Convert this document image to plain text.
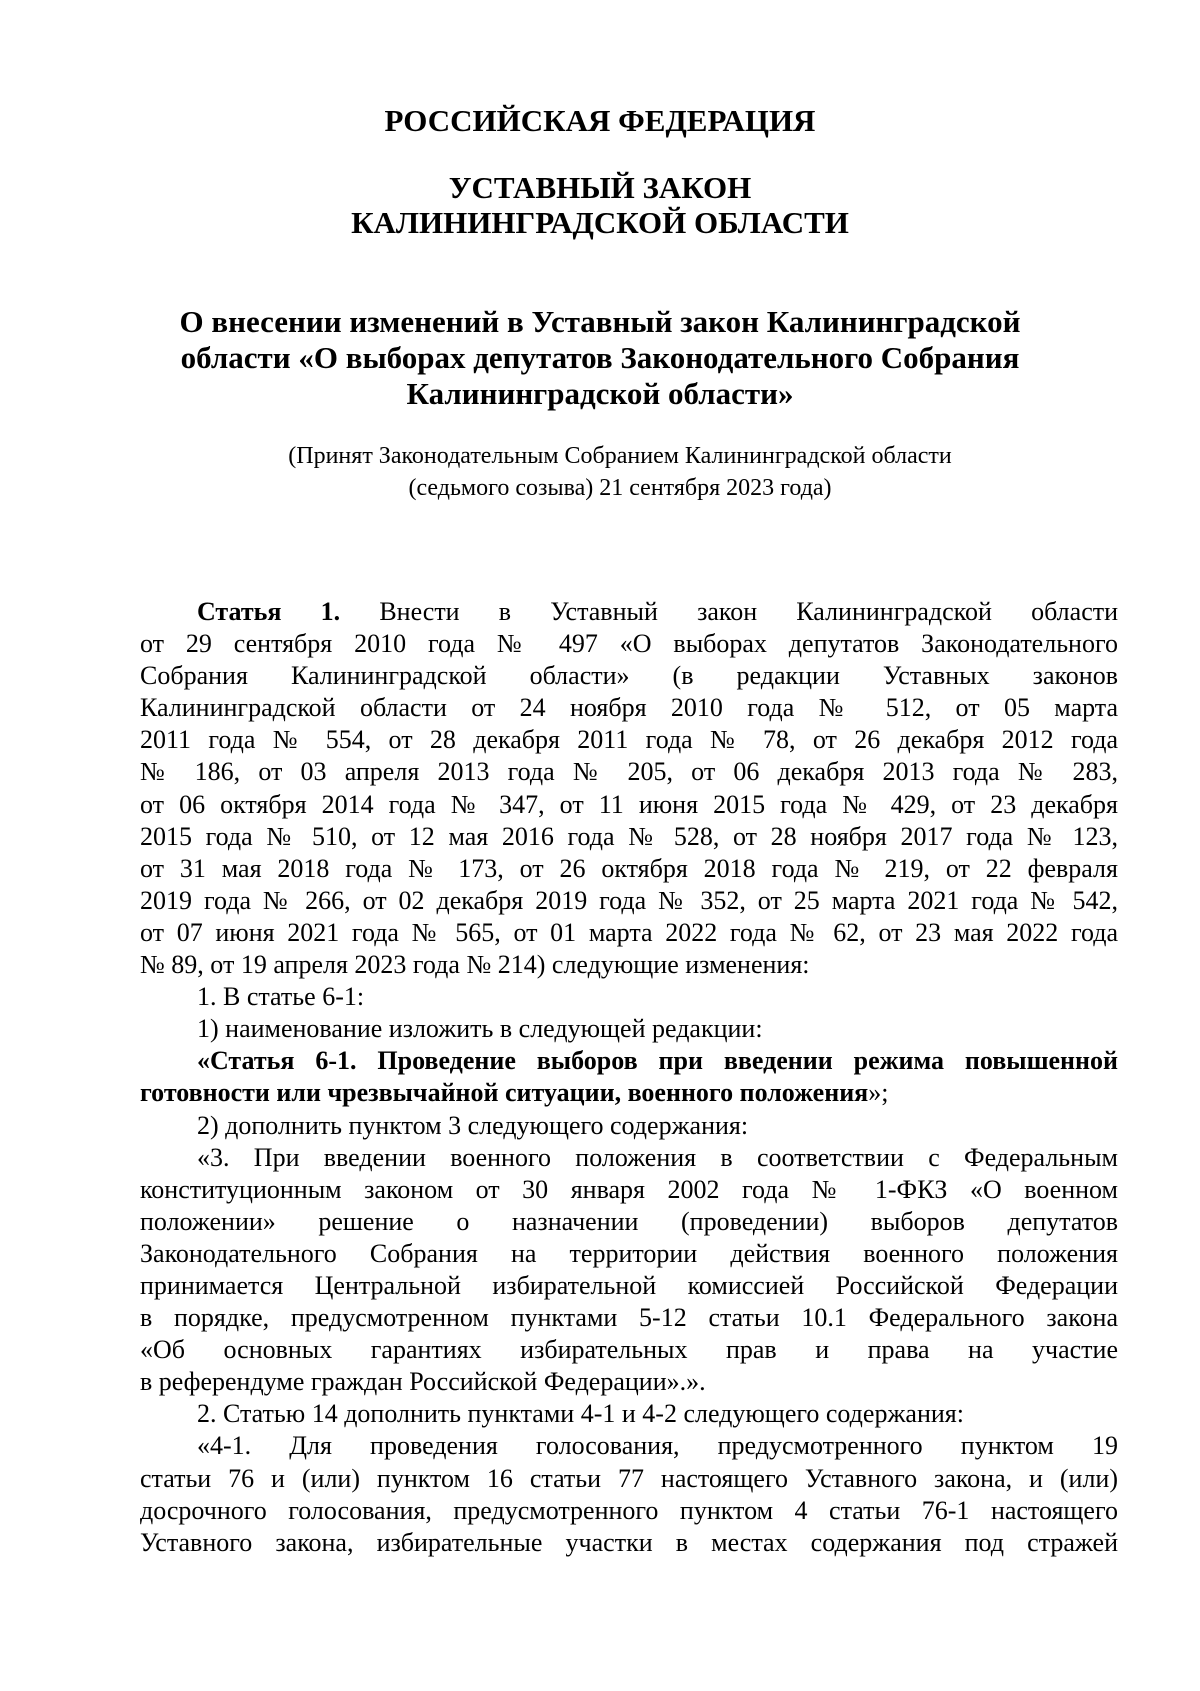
РОССИЙСКАЯ ФЕДЕРАЦИЯ
УСТАВНЫЙ ЗАКОН
КАЛИНИНГРАДСКОЙ ОБЛАСТИ
О внесении изменений в Уставный закон Калининградской
области «О выборах депутатов Законодательного Собрания
Калининградской области»
(Принят Законодательным Собранием Калининградской области
(седьмого созыва) 21 сентября 2023 года)
Статья 1. Внести в Уставный закон Калининградской области
от 29 сентября 2010 года № 497 «О выборах депутатов Законодательного
Собрания Калининградской области» (в редакции Уставных законов
Калининградской области от 24 ноября 2010 года № 512, от 05 марта
2011 года № 554, от 28 декабря 2011 года № 78, от 26 декабря 2012 года
№ 186, от 03 апреля 2013 года № 205, от 06 декабря 2013 года № 283,
от 06 октября 2014 года № 347, от 11 июня 2015 года № 429, от 23 декабря
2015 года № 510, от 12 мая 2016 года № 528, от 28 ноября 2017 года № 123,
от 31 мая 2018 года № 173, от 26 октября 2018 года № 219, от 22 февраля
2019 года № 266, от 02 декабря 2019 года № 352, от 25 марта 2021 года № 542,
от 07 июня 2021 года № 565, от 01 марта 2022 года № 62, от 23 мая 2022 года
№ 89, от 19 апреля 2023 года № 214) следующие изменения:
1. В статье 6-1:
1) наименование изложить в следующей редакции:
«Статья 6-1. Проведение выборов при введении режима повышенной
готовности или чрезвычайной ситуации, военного положения»;
2) дополнить пунктом 3 следующего содержания:
«3. При введении военного положения в соответствии с Федеральным
конституционным законом от 30 января 2002 года № 1-ФКЗ «О военном
положении» решение о назначении (проведении) выборов депутатов
Законодательного Собрания на территории действия военного положения
принимается Центральной избирательной комиссией Российской Федерации
в порядке, предусмотренном пунктами 5-12 статьи 10.1 Федерального закона
«Об основных гарантиях избирательных прав и права на участие
в референдуме граждан Российской Федерации».».
2. Статью 14 дополнить пунктами 4-1 и 4-2 следующего содержания:
«4-1. Для проведения голосования, предусмотренного пунктом 19
статьи 76 и (или) пунктом 16 статьи 77 настоящего Уставного закона, и (или)
досрочного голосования, предусмотренного пунктом 4 статьи 76-1 настоящего
Уставного закона, избирательные участки в местах содержания под стражей
